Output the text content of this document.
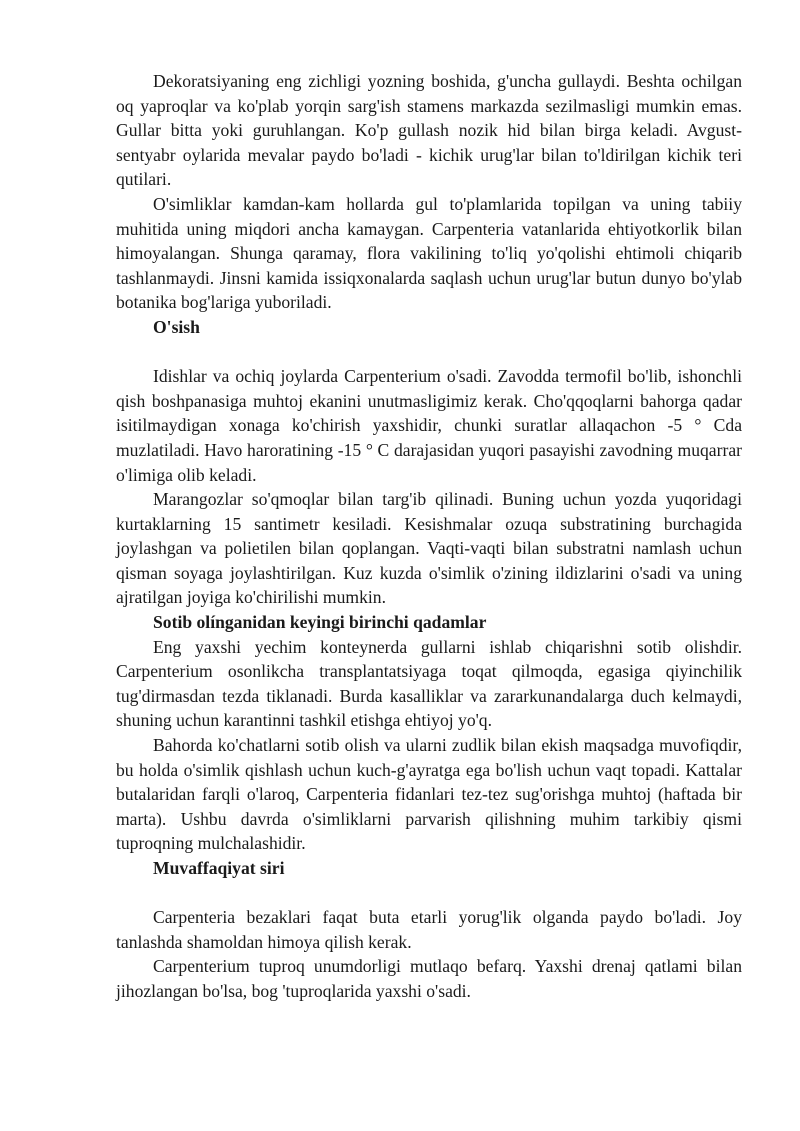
Dekoratsiyaning eng zichligi yozning boshida, g'uncha gullaydi. Beshta ochilgan oq yaproqlar va ko'plab yorqin sarg'ish stamens markazda sezilmasligi mumkin emas. Gullar bitta yoki guruhlangan. Ko'p gullash nozik hid bilan birga keladi. Avgust-sentyabr oylarida mevalar paydo bo'ladi - kichik urug'lar bilan to'ldirilgan kichik teri qutilari.

O'simliklar kamdan-kam hollarda gul to'plamlarida topilgan va uning tabiiy muhitida uning miqdori ancha kamaygan. Carpenteria vatanlarida ehtiyotkorlik bilan himoyalangan. Shunga qaramay, flora vakilining to'liq yo'qolishi ehtimoli chiqarib tashlanmaydi. Jinsni kamida issiqxonalarda saqlash uchun urug'lar butun dunyo bo'ylab botanika bog'lariga yuboriladi.

O'sish

Idishlar va ochiq joylarda Carpenterium o'sadi. Zavodda termofil bo'lib, ishonchli qish boshpanasiga muhtoj ekanini unutmasligimiz kerak. Cho'qqoqlarni bahorga qadar isitilmaydigan xonaga ko'chirish yaxshidir, chunki suratlar allaqachon -5 ° Cda muzlatiladi. Havo haroratining -15 ° C darajasidan yuqori pasayishi zavodning muqarrar o'limiga olib keladi.

Marangozlar so'qmoqlar bilan targ'ib qilinadi. Buning uchun yozda yuqoridagi kurtaklarning 15 santimetr kesiladi. Kesishmalar ozuqa substratining burchagida joylashgan va polietilen bilan qoplangan. Vaqti-vaqti bilan substratni namlash uchun qisman soyaga joylashtirilgan. Kuz kuzda o'simlik o'zining ildizlarini o'sadi va uning ajratilgan joyiga ko'chirilishi mumkin.

Sotib olínganidan keyingi birinchi qadamlar

Eng yaxshi yechim konteynerda gullarni ishlab chiqarishni sotib olishdir. Carpenterium osonlikcha transplantatsiyaga toqat qilmoqda, egasiga qiyinchilik tug'dirmasdan tezda tiklanadi. Burda kasalliklar va zararkunandalarga duch kelmaydi, shuning uchun karantinni tashkil etishga ehtiyoj yo'q.

Bahorda ko'chatlarni sotib olish va ularni zudlik bilan ekish maqsadga muvofiqdir, bu holda o'simlik qishlash uchun kuch-g'ayratga ega bo'lish uchun vaqt topadi. Kattalar butalaridan farqli o'laroq, Carpenteria fidanlari tez-tez sug'orishga muhtoj (haftada bir marta). Ushbu davrda o'simliklarni parvarish qilishning muhim tarkibiy qismi tuproqning mulchalashidir.

Muvaffaqiyat siri

Carpenteria bezaklari faqat buta etarli yorug'lik olganda paydo bo'ladi. Joy tanlashda shamoldan himoya qilish kerak.

Carpenterium tuproq unumdorligi mutlaqo befarq. Yaxshi drenaj qatlami bilan jihozlangan bo'lsa, bog 'tuproqlarida yaxshi o'sadi.
